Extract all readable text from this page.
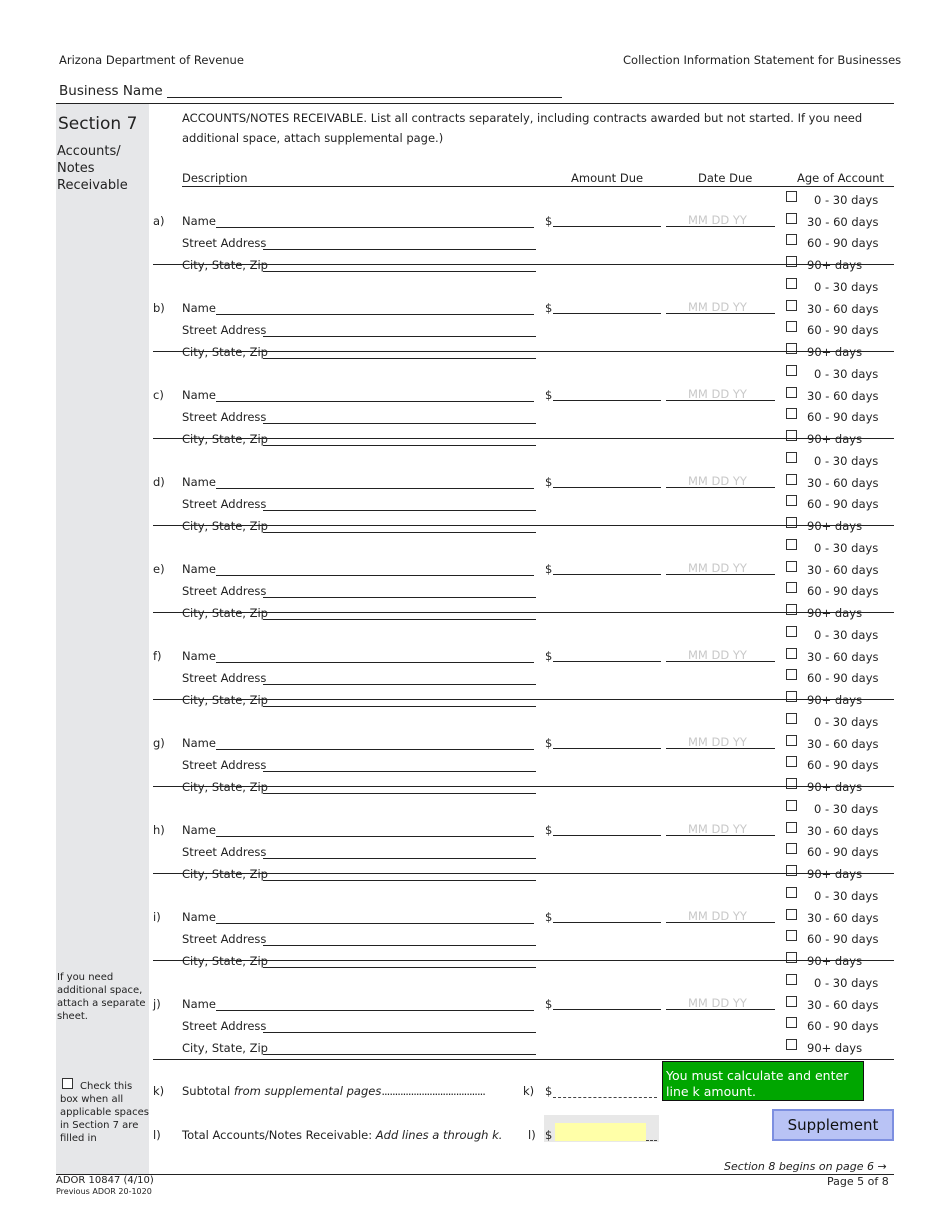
Arizona Department of Revenue	Collection Information Statement for Businesses
Business Name
Section 7
Accounts/
Notes
Receivable
If you need additional space, attach a separate sheet.
Check this box when all applicable spaces in Section 7 are filled in
ACCOUNTS/NOTES RECEIVABLE. List all contracts separately, including contracts awarded but not started. If you need additional space, attach supplemental page.)
Description	Amount Due	Date Due	Age of Account
a) Name
Street Address
City, State, Zip
$	MM DD YY
0 - 30 days
30 - 60 days
60 - 90 days
90+ days
b) Name
Street Address
City, State, Zip
$	MM DD YY
0 - 30 days
30 - 60 days
60 - 90 days
90+ days
c) Name
Street Address
City, State, Zip
$	MM DD YY
0 - 30 days
30 - 60 days
60 - 90 days
90+ days
d) Name
Street Address
City, State, Zip
$	MM DD YY
0 - 30 days
30 - 60 days
60 - 90 days
90+ days
e) Name
Street Address
City, State, Zip
$	MM DD YY
0 - 30 days
30 - 60 days
60 - 90 days
90+ days
f) Name
Street Address
City, State, Zip
$	MM DD YY
0 - 30 days
30 - 60 days
60 - 90 days
90+ days
g) Name
Street Address
City, State, Zip
$	MM DD YY
0 - 30 days
30 - 60 days
60 - 90 days
90+ days
h) Name
Street Address
City, State, Zip
$	MM DD YY
0 - 30 days
30 - 60 days
60 - 90 days
90+ days
i) Name
Street Address
City, State, Zip
$	MM DD YY
0 - 30 days
30 - 60 days
60 - 90 days
90+ days
j) Name
Street Address
City, State, Zip
$	MM DD YY
0 - 30 days
30 - 60 days
60 - 90 days
90+ days
k) Subtotal from supplemental pages.......................................	k) $
You must calculate and enter line k amount.
l) Total Accounts/Notes Receivable: Add lines a through k. l) $
Supplement
Section 8 begins on page 6 →
ADOR 10847 (4/10)
Previous ADOR 20-1020
Page 5 of 8
